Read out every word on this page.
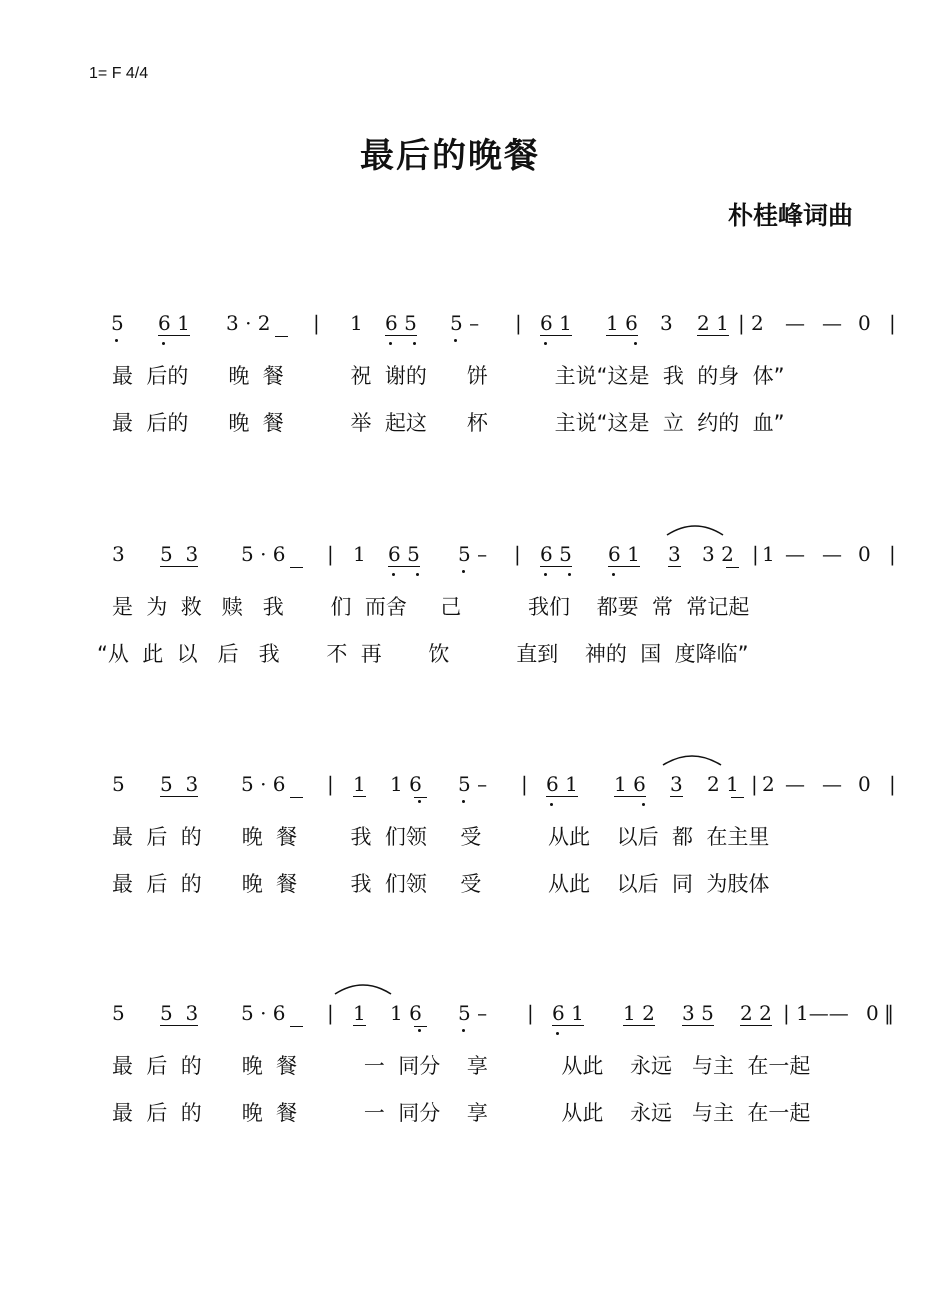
1= F 4/4
最后的晚餐
朴桂峰词曲
5 6 1 3 · 2 | 1 6 5 5 – | 6 1 1 6 3 2 1 | 2 — — 0 |
最  后的      晚  餐          祝  谢的      饼          主说“这是  我  的身  体”
最  后的      晚  餐          举  起这      杯          主说“这是  立  约的  血”
3 5  3 5 · 6 | 1 6 5 5 – | 6 5 6 1 3 3 2 | 1 — — 0 |
是  为  救   赎   我       们  而舍     己          我们    都要  常  常记起
“从  此  以   后   我       不  再       饮          直到    神的  国  度降临”
5 5  3 5 · 6 | 1 1 6 5 – | 6 1 1 6 3 2 1 | 2 — — 0 |
最  后  的      晚  餐        我  们领     受          从此    以后  都  在主里
最  后  的      晚  餐        我  们领     受          从此    以后  同  为肢体
5 5  3 5 · 6 | 1 1 6 5 – | 6 1 1 2 3 5 2 2 | 1—— 0 ‖
最  后  的      晚  餐          一  同分    享           从此    永远   与主  在一起
最  后  的      晚  餐          一  同分    享           从此    永远   与主  在一起
